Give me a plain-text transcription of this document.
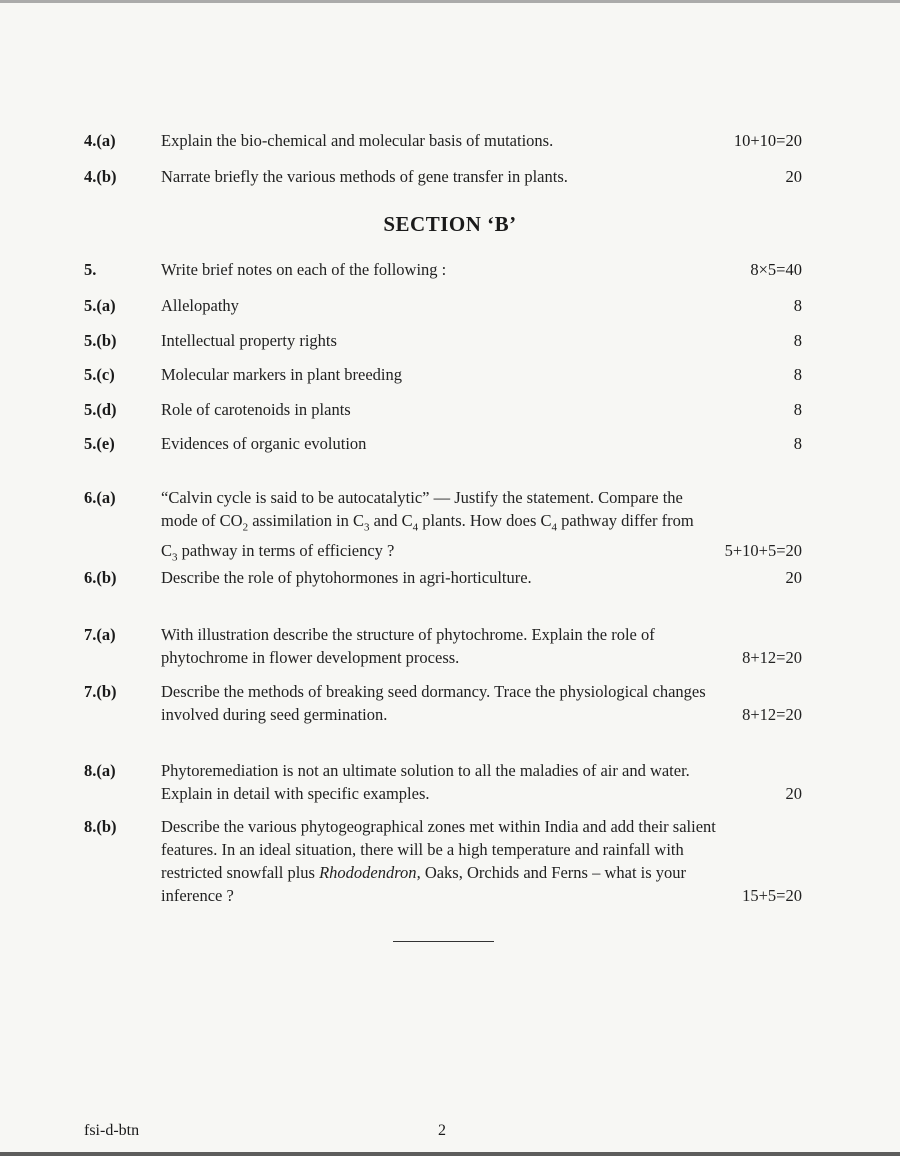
4.(a)	Explain the bio-chemical and molecular basis of mutations.	10+10=20
4.(b)	Narrate briefly the various methods of gene transfer in plants.	20
SECTION ‘B’
5.	Write brief notes on each of the following :	8×5=40
5.(a)	Allelopathy	8
5.(b)	Intellectual property rights	8
5.(c)	Molecular markers in plant breeding	8
5.(d)	Role of carotenoids in plants	8
5.(e)	Evidences of organic evolution	8
6.(a)	“Calvin cycle is said to be autocatalytic” — Justify the statement. Compare the
mode of $CO_2$ assimilation in $C_3$ and $C_4$ plants. How does $C_4$ pathway differ from
$C_3$ pathway in terms of efficiency ?	5+10+5=20
6.(b)	Describe the role of phytohormones in agri-horticulture.	20
7.(a)	With illustration describe the structure of phytochrome. Explain the role of
phytochrome in flower development process.	8+12=20
7.(b)	Describe the methods of breaking seed dormancy. Trace the physiological changes
involved during seed germination.	8+12=20
8.(a)	Phytoremediation is not an ultimate solution to all the maladies of air and water.
Explain in detail with specific examples.	20
8.(b)	Describe the various phytogeographical zones met within India and add their salient
features. In an ideal situation, there will be a high temperature and rainfall with
restricted snowfall plus Rhododendron, Oaks, Orchids and Ferns – what is your
inference ?	15+5=20
fsi-d-btn	2
